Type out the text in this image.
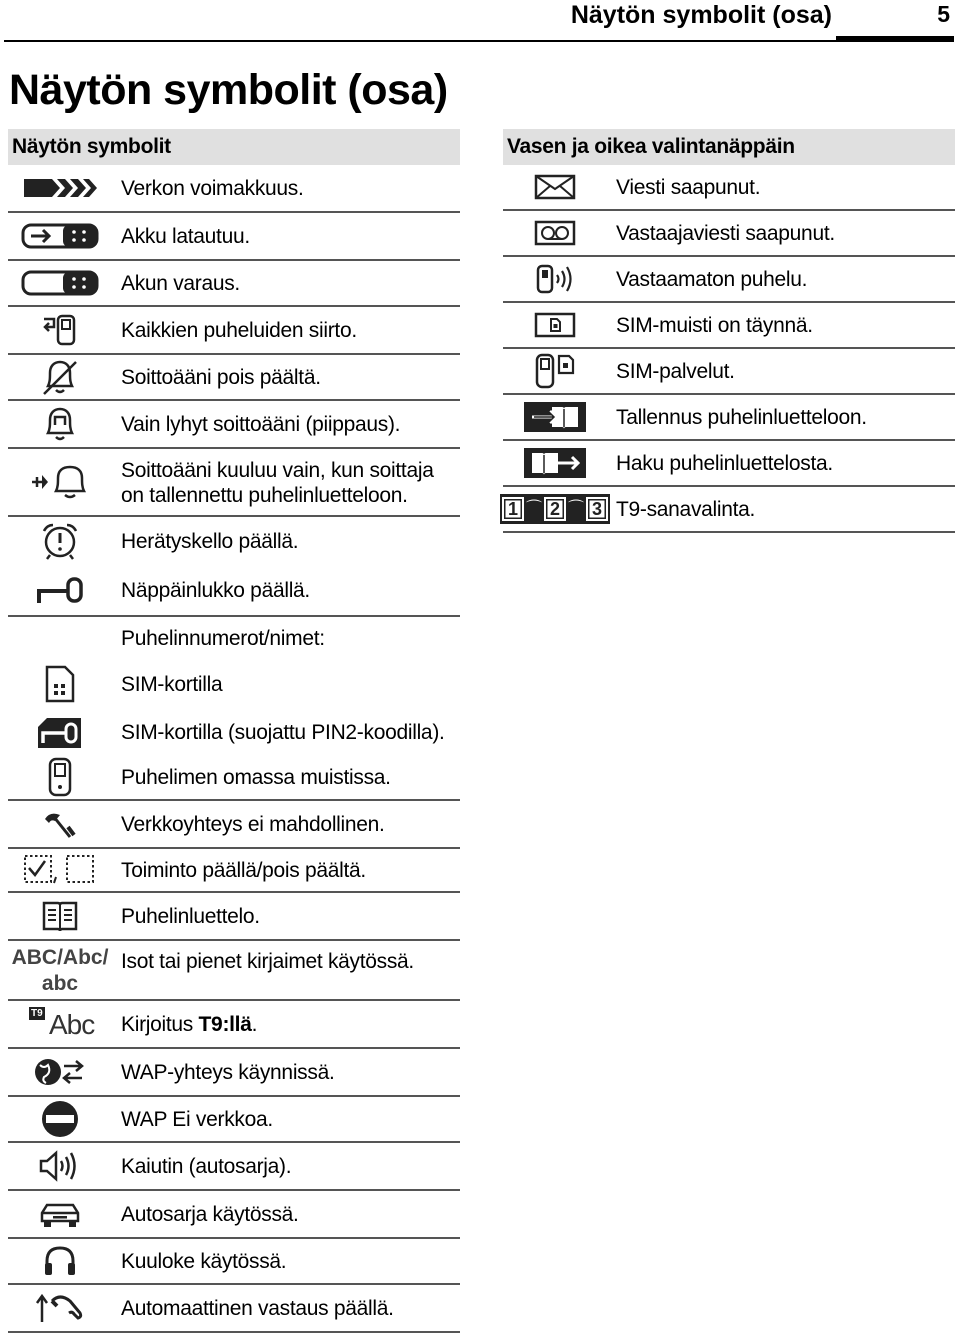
Näytön symbolit (osa)	5
Näytön symbolit (osa)
Näytön symbolit
Verkon voimakkuus.
Akku latautuu.
Akun varaus.
Kaikkien puheluiden siirto.
Soittoääni pois päältä.
Vain lyhyt soittoääni (piippaus).
Soittoääni kuuluu vain, kun soittaja on tallennettu puhelinluetteloon.
Herätyskello päällä.
Näppäinlukko päällä.
Puhelinnumerot/nimet:
SIM-kortilla
SIM-kortilla (suojattu PIN2-koodilla).
Puhelimen omassa muistissa.
Verkkoyhteys ei mahdollinen.
Toiminto päällä/pois päältä.
Puhelinluettelo.
ABC/Abc/
abc
Isot tai pienet kirjaimet käytössä.
T9 Abc Kirjoitus T9:llä .
WAP-yhteys käynnissä.
WAP Ei verkkoa.
Kaiutin (autosarja).
Autosarja käytössä.
Kuuloke käytössä.
Automaattinen vastaus päällä.
Vasen ja oikea valintanäppäin
Viesti saapunut.
Vastaajaviesti saapunut.
Vastaamaton puhelu.
SIM-muisti on täynnä.
SIM-palvelut.
Tallennus puhelinluetteloon.
Haku puhelinluettelosta.
1 ⌒ 2 ⌒ 3 T9-sanavalinta.
